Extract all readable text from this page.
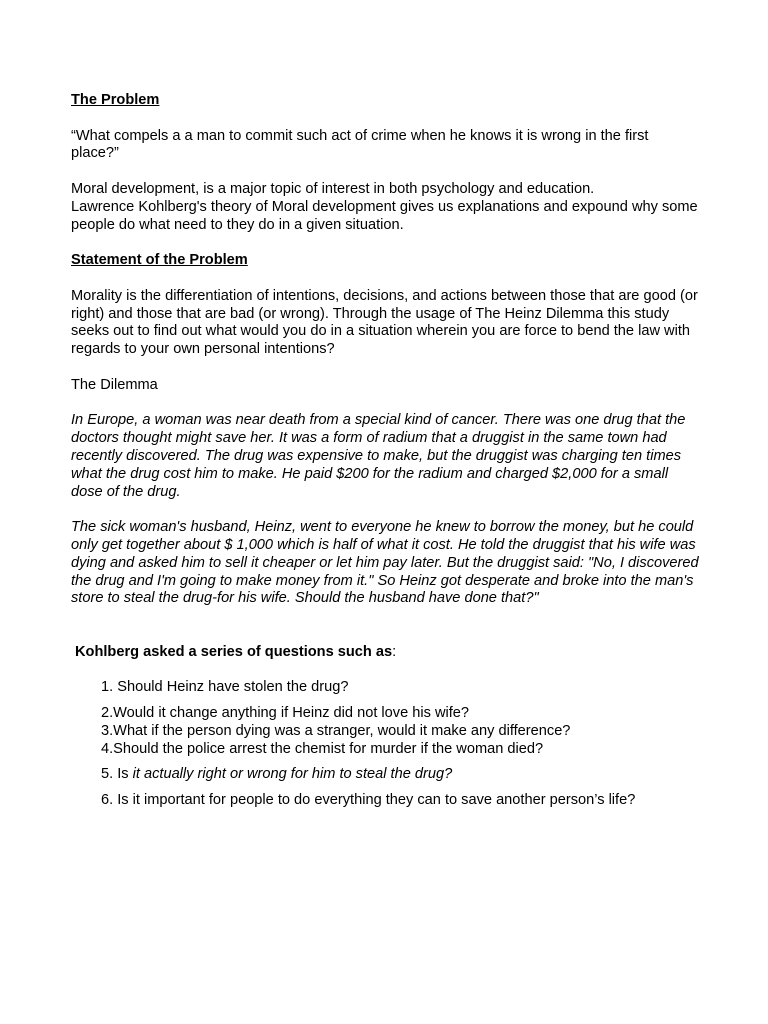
The Problem

“What compels a a man to commit such act of crime when he knows it is wrong in the first place?”

Moral development, is a major topic of interest in both psychology and education.

Lawrence Kohlberg's theory of Moral development gives us explanations and expound why some people do what need to they do in a given situation.

Statement of the Problem

Morality is the differentiation of intentions, decisions, and actions between those that are good (or right) and those that are bad (or wrong). Through the usage of The Heinz Dilemma this study seeks out to find out what would you do in a situation wherein you are force to bend the law with regards to your own personal intentions?

The Dilemma

In Europe, a woman was near death from a special kind of cancer. There was one drug that the doctors thought might save her. It was a form of radium that a druggist in the same town had recently discovered. The drug was expensive to make, but the druggist was charging ten times what the drug cost him to make. He paid $200 for the radium and charged $2,000 for a small dose of the drug.

The sick woman's husband, Heinz, went to everyone he knew to borrow the money, but he could only get together about $ 1,000 which is half of what it cost. He told the druggist that his wife was dying and asked him to sell it cheaper or let him pay later. But the druggist said: "No, I discovered the drug and I'm going to make money from it." So Heinz got desperate and broke into the man's store to steal the drug-for his wife. Should the husband have done that?"

Kohlberg asked a series of questions such as:

1. Should Heinz have stolen the drug?

2.Would it change anything if Heinz did not love his wife?

3.What if the person dying was a stranger, would it make any difference?

4.Should the police arrest the chemist for murder if the woman died?

5. Is it actually right or wrong for him to steal the drug?

6. Is it important for people to do everything they can to save another person’s life?
